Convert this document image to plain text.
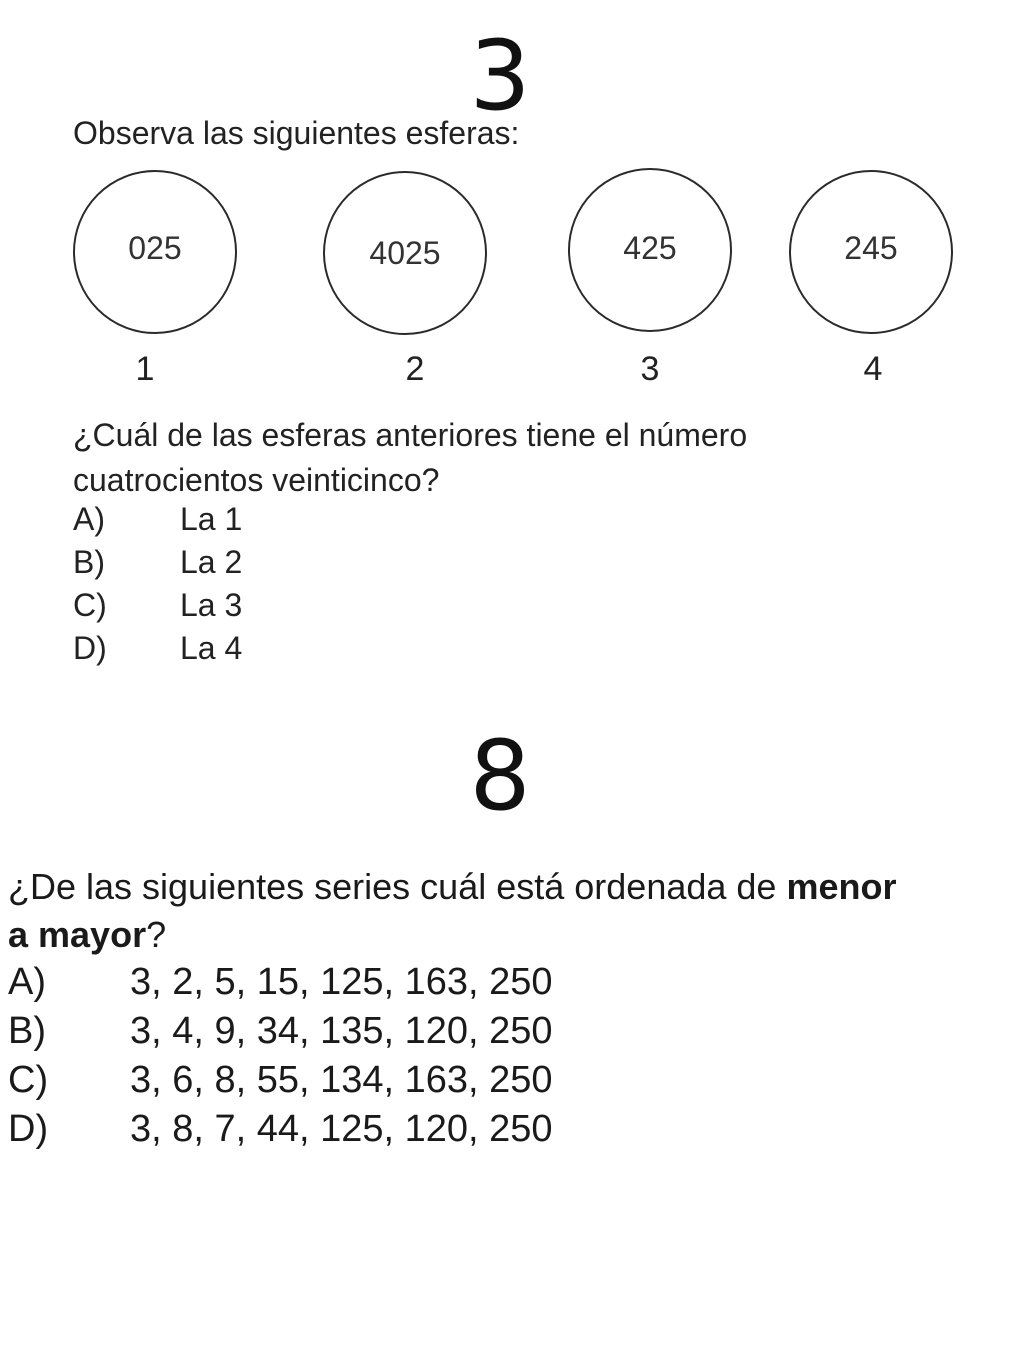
3
Observa las siguientes esferas:
025	4025	425	245
1	2	3	4
¿Cuál de las esferas anteriores tiene el número
cuatrocientos veinticinco?
A) La 1
B) La 2
C) La 3
D) La 4
8
¿De las siguientes series cuál está ordenada de menor
a mayor?
A) 3, 2, 5, 15, 125, 163, 250
B) 3, 4, 9, 34, 135, 120, 250
C) 3, 6, 8, 55, 134, 163, 250
D) 3, 8, 7, 44, 125, 120, 250
